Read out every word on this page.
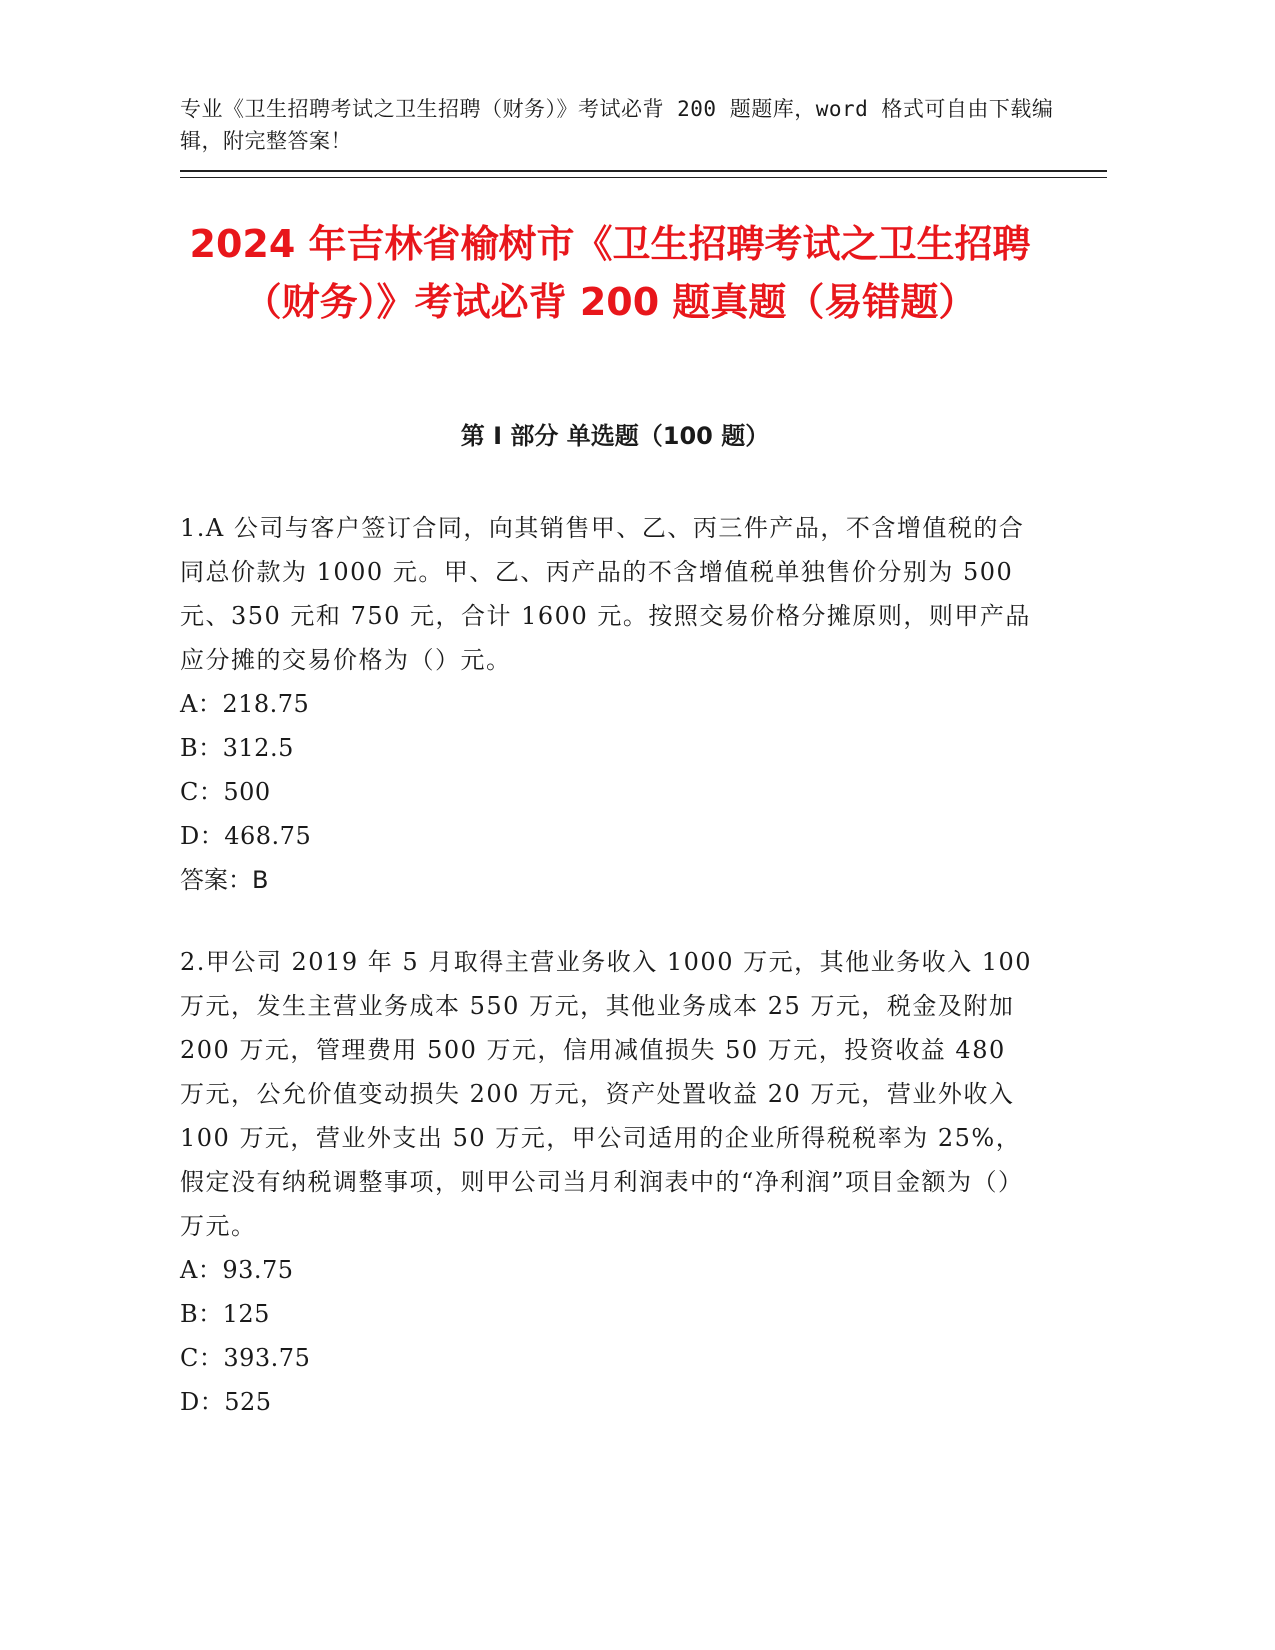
专业《卫生招聘考试之卫生招聘（财务）》考试必背 200 题题库，word 格式可自由下载编辑，附完整答案！

2024 年吉林省榆树市《卫生招聘考试之卫生招聘（财务）》考试必背 200 题真题（易错题）
第 I 部分 单选题（100 题）

1.A 公司与客户签订合同，向其销售甲、乙、丙三件产品，不含增值税的合同总价款为 1000 元。甲、乙、丙产品的不含增值税单独售价分别为 500 元、350 元和 750 元，合计 1600 元。按照交易价格分摊原则，则甲产品应分摊的交易价格为（）元。

A：218.75

B：312.5

C：500

D：468.75

答案：B

2.甲公司 2019 年 5 月取得主营业务收入 1000 万元，其他业务收入 100 万元，发生主营业务成本 550 万元，其他业务成本 25 万元，税金及附加 200 万元，管理费用 500 万元，信用减值损失 50 万元，投资收益 480 万元，公允价值变动损失 200 万元，资产处置收益 20 万元，营业外收入 100 万元，营业外支出 50 万元，甲公司适用的企业所得税税率为 25%，假定没有纳税调整事项，则甲公司当月利润表中的“净利润”项目金额为（）万元。

A：93.75

B：125

C：393.75

D：525
